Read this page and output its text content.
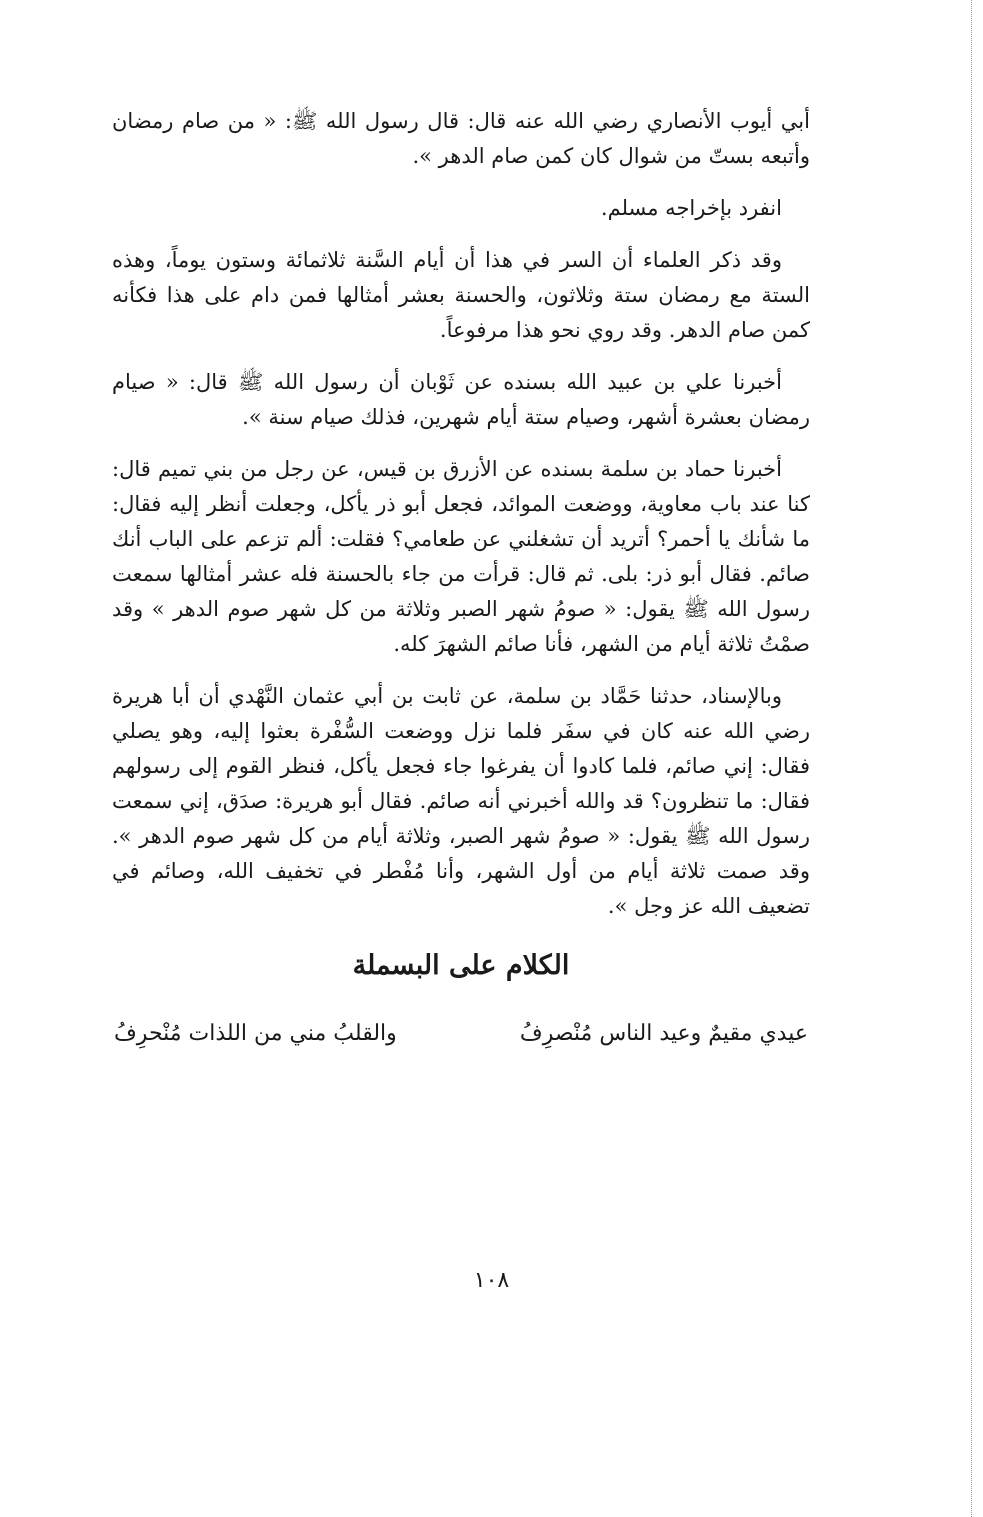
أبي أيوب الأنصاري رضي الله عنه قال: قال رسول الله ﷺ: « من صام رمضان وأتبعه بستّ من شوال كان كمن صام الدهر ».

انفرد بإخراجه مسلم.

وقد ذكر العلماء أن السر في هذا أن أيام السَّنة ثلاثمائة وستون يوماً، وهذه الستة مع رمضان ستة وثلاثون، والحسنة بعشر أمثالها فمن دام على هذا فكأنه كمن صام الدهر. وقد روي نحو هذا مرفوعاً.

أخبرنا علي بن عبيد الله بسنده عن ثَوْبان أن رسول الله ﷺ قال: « صيام رمضان بعشرة أشهر، وصيام ستة أيام شهرين، فذلك صيام سنة ».

أخبرنا حماد بن سلمة بسنده عن الأزرق بن قيس، عن رجل من بني تميم قال: كنا عند باب معاوية، ووضعت الموائد، فجعل أبو ذر يأكل، وجعلت أنظر إليه فقال: ما شأنك يا أحمر؟ أتريد أن تشغلني عن طعامي؟ فقلت: ألم تزعم على الباب أنك صائم. فقال أبو ذر: بلى. ثم قال: قرأت من جاء بالحسنة فله عشر أمثالها سمعت رسول الله ﷺ يقول: « صومُ شهر الصبر وثلاثة من كل شهر صوم الدهر » وقد صمْتُ ثلاثة أيام من الشهر، فأنا صائم الشهرَ كله.

وبالإسناد، حدثنا حَمَّاد بن سلمة، عن ثابت بن أبي عثمان النَّهْدي أن أبا هريرة رضي الله عنه كان في سفَر فلما نزل ووضعت السُّفْرة بعثوا إليه، وهو يصلي فقال: إني صائم، فلما كادوا أن يفرغوا جاء فجعل يأكل، فنظر القوم إلى رسولهم فقال: ما تنظرون؟ قد والله أخبرني أنه صائم. فقال أبو هريرة: صدَق، إني سمعت رسول الله ﷺ يقول: « صومُ شهر الصبر، وثلاثة أيام من كل شهر صوم الدهر ». وقد صمت ثلاثة أيام من أول الشهر، وأنا مُفْطر في تخفيف الله، وصائم في تضعيف الله عز وجل ».

الكلام على البسملة
عيدي مقيمٌ وعيد الناس مُنْصرِفُ
والقلبُ مني من اللذات مُنْحرِفُ
١٠٨
